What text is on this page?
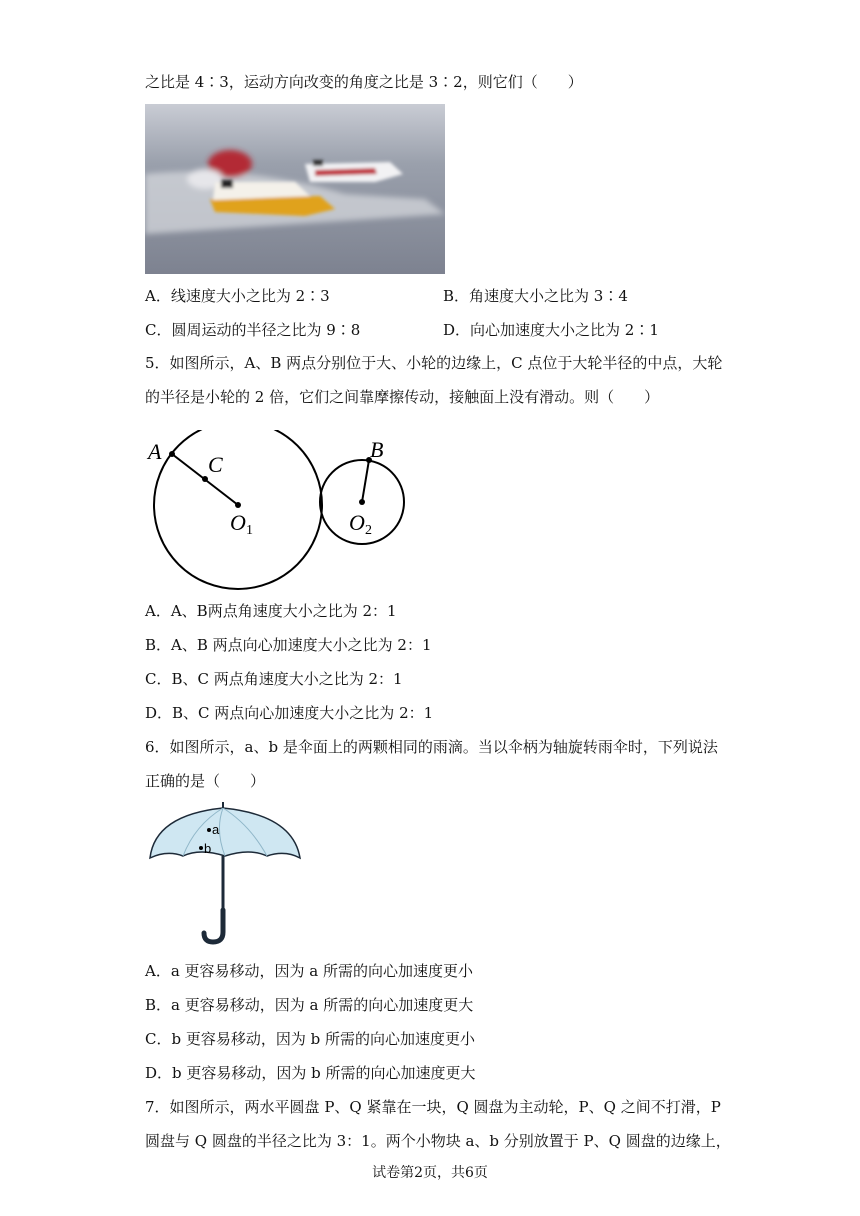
之比是 4∶3，运动方向改变的角度之比是 3∶2，则它们（　　）
A．线速度大小之比为 2∶3	B．角速度大小之比为 3∶4
C．圆周运动的半径之比为 9∶8	D．向心加速度大小之比为 2∶1
5．如图所示，A、B 两点分别位于大、小轮的边缘上，C 点位于大轮半径的中点，大轮
的半径是小轮的 2 倍，它们之间靠摩擦传动，接触面上没有滑动。则（　　）
A
C
O 1
B
O 2
A．A、B两点角速度大小之比为 2：1
B．A、B 两点向心加速度大小之比为 2：1
C．B、C 两点角速度大小之比为 2：1
D．B、C 两点向心加速度大小之比为 2：1
6．如图所示，a、b 是伞面上的两颗相同的雨滴。当以伞柄为轴旋转雨伞时，下列说法
正确的是（　　）
a
b
A．a 更容易移动，因为 a 所需的向心加速度更小
B．a 更容易移动，因为 a 所需的向心加速度更大
C．b 更容易移动，因为 b 所需的向心加速度更小
D．b 更容易移动，因为 b 所需的向心加速度更大
7．如图所示，两水平圆盘 P、Q 紧靠在一块，Q 圆盘为主动轮，P、Q 之间不打滑，P
圆盘与 Q 圆盘的半径之比为 3：1。两个小物块 a、b 分别放置于 P、Q 圆盘的边缘上，
试卷第2页，共6页
